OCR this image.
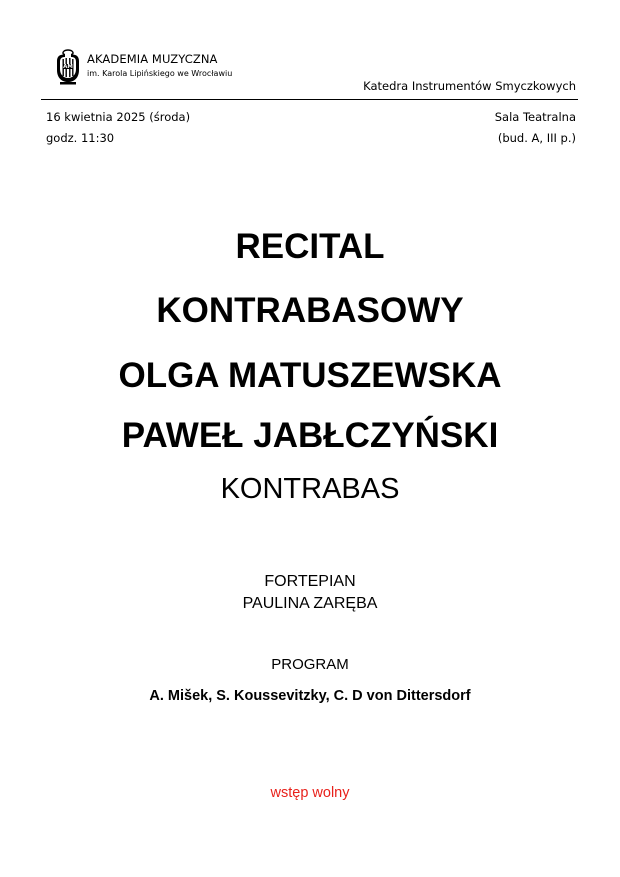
AM
AKADEMIA MUZYCZNA
im. Karola Lipińskiego we Wrocławiu
Katedra Instrumentów Smyczkowych
16 kwietnia 2025 (środa)
godz. 11:30
Sala Teatralna
(bud. A, III p.)
RECITAL
KONTRABASOWY
OLGA MATUSZEWSKA
PAWEŁ JABŁCZYŃSKI
KONTRABAS
FORTEPIAN
PAULINA ZARĘBA
PROGRAM
A. Mišek, S. Koussevitzky, C. D von Dittersdorf
wstęp wolny
